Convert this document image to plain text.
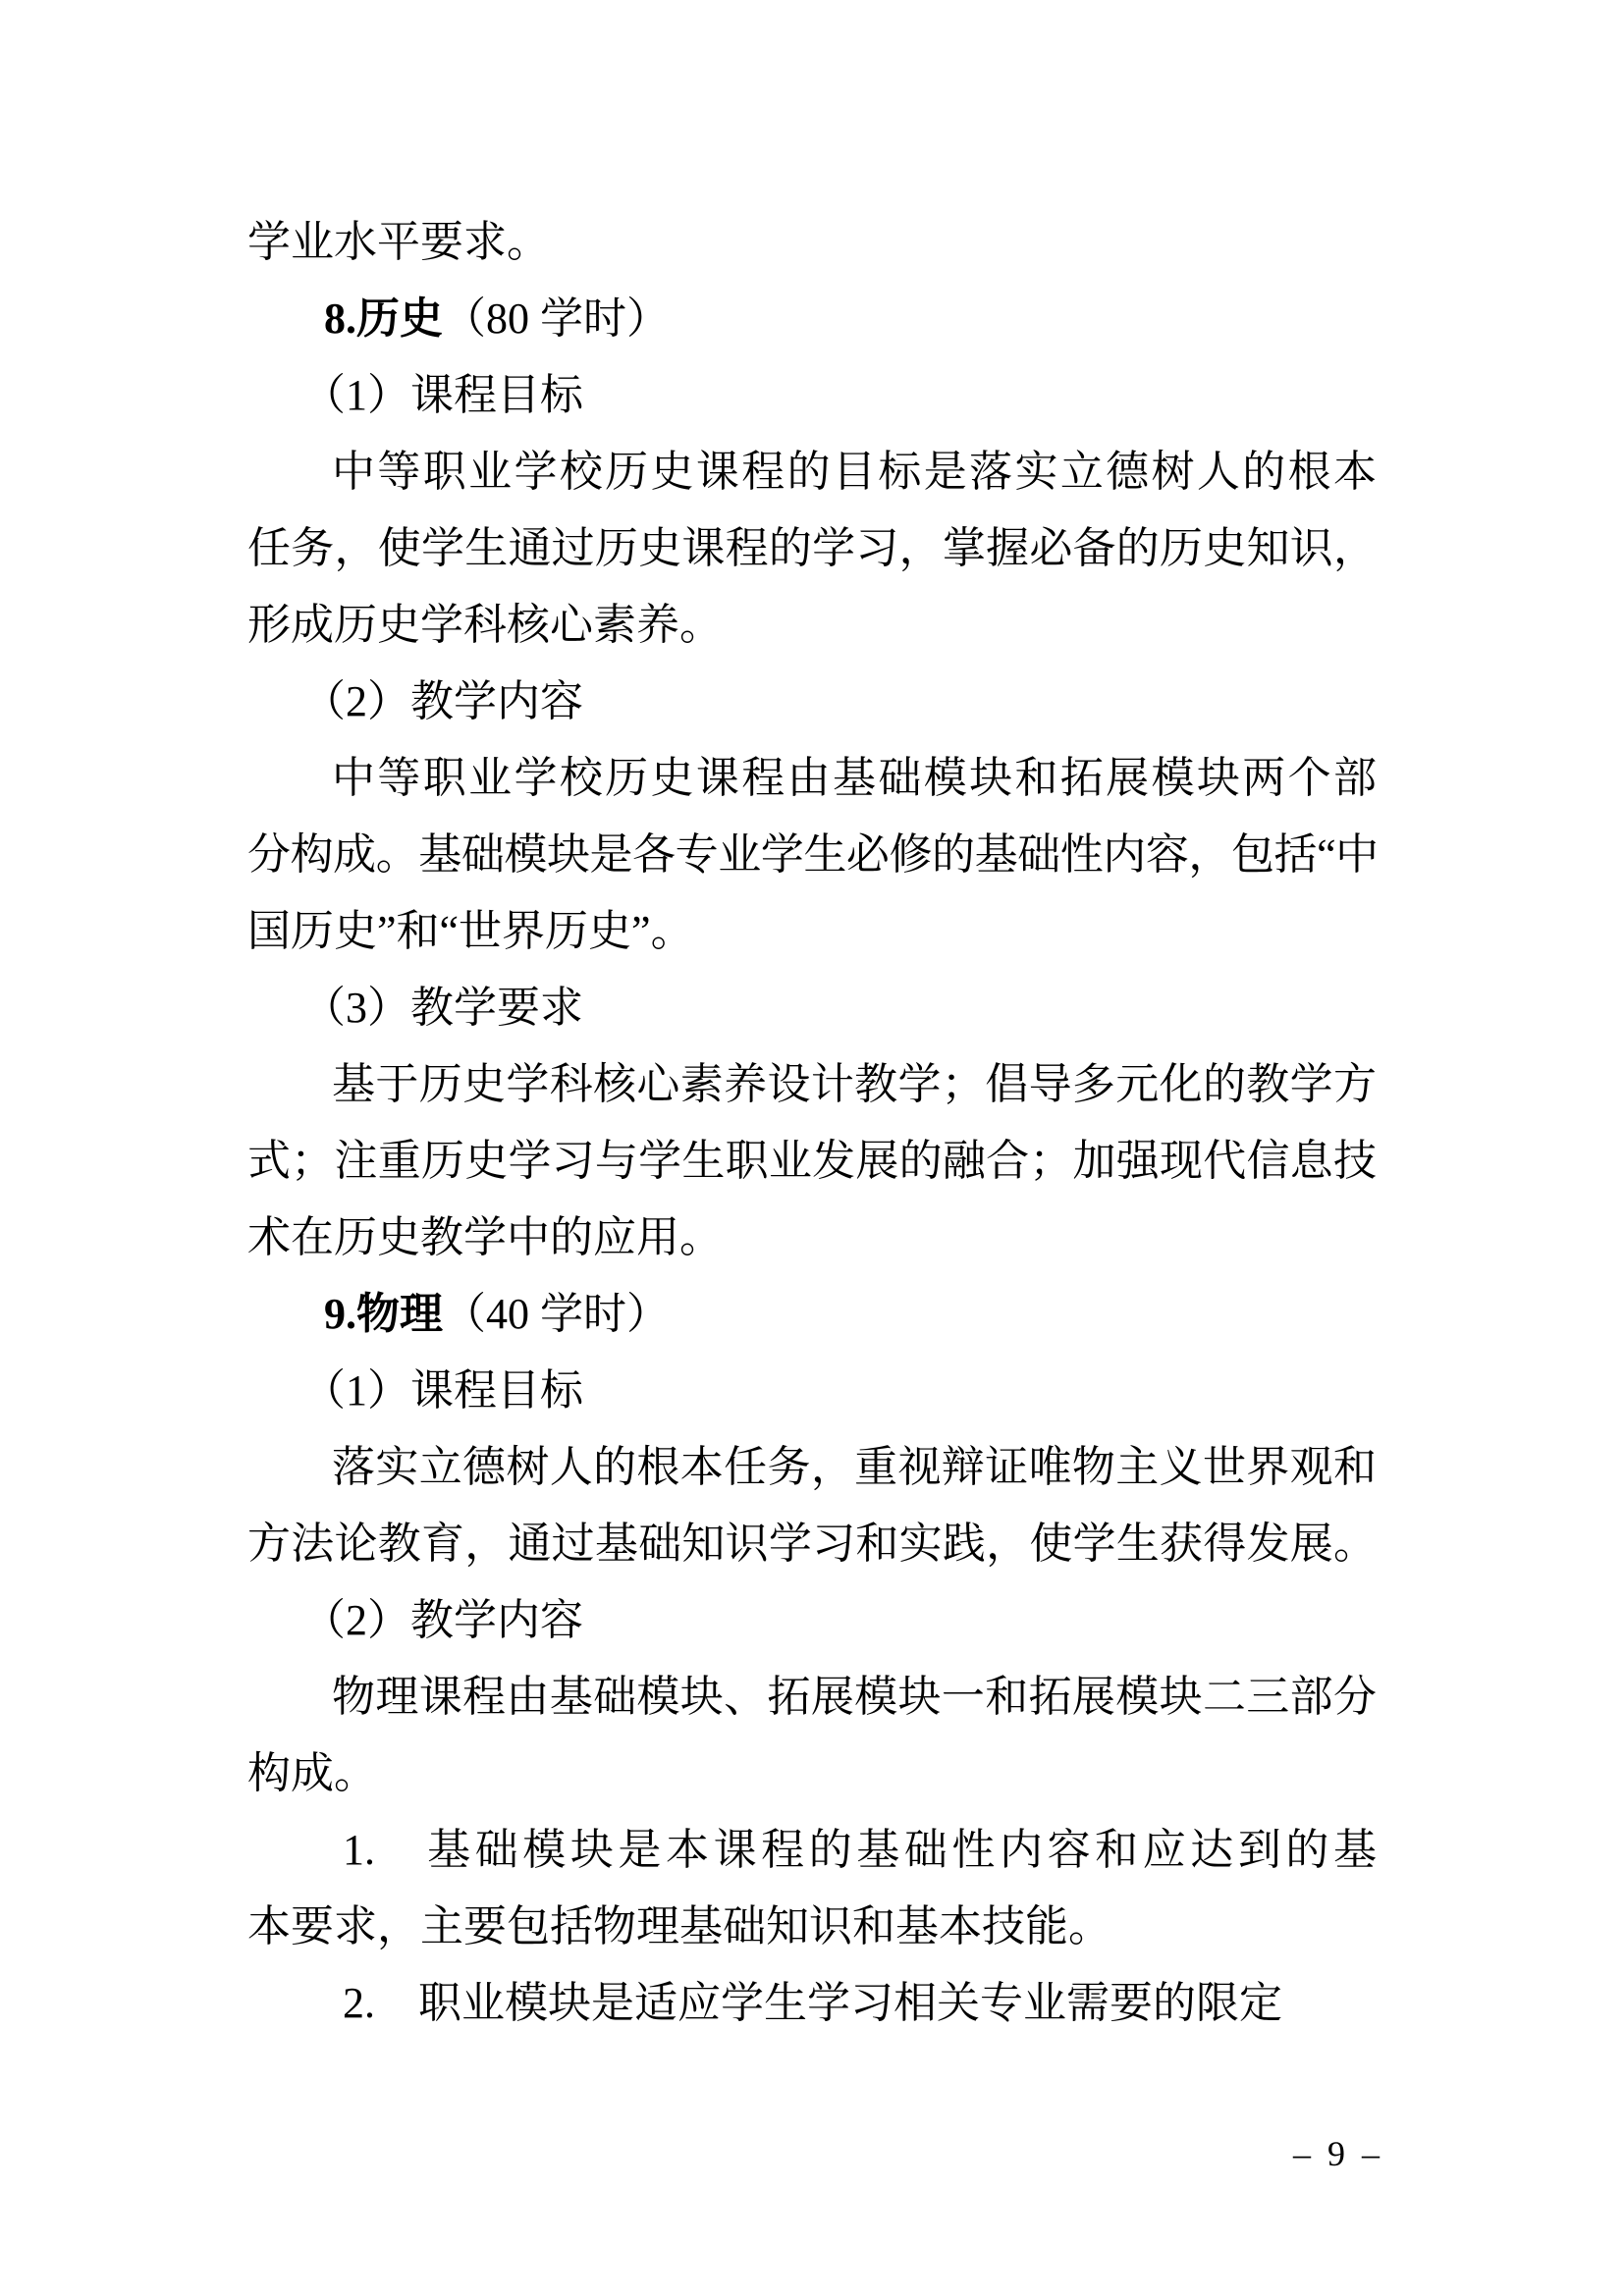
学业水平要求。
8.历史（80 学时）
（1）课程目标
中等职业学校历史课程的目标是落实立德树人的根本
任务，使学生通过历史课程的学习，掌握必备的历史知识，
形成历史学科核心素养。
（2）教学内容
中等职业学校历史课程由基础模块和拓展模块两个部
分构成。基础模块是各专业学生必修的基础性内容，包括“中
国历史”和“世界历史”。
（3）教学要求
基于历史学科核心素养设计教学；倡导多元化的教学方
式；注重历史学习与学生职业发展的融合；加强现代信息技
术在历史教学中的应用。
9.物理（40 学时）
（1）课程目标
落实立德树人的根本任务，重视辩证唯物主义世界观和
方法论教育，通过基础知识学习和实践，使学生获得发展。
（2）教学内容
物理课程由基础模块、拓展模块一和拓展模块二三部分
构成。
1.　基础模块是本课程的基础性内容和应达到的基
本要求，主要包括物理基础知识和基本技能。
2.　职业模块是适应学生学习相关专业需要的限定
– 9 –
